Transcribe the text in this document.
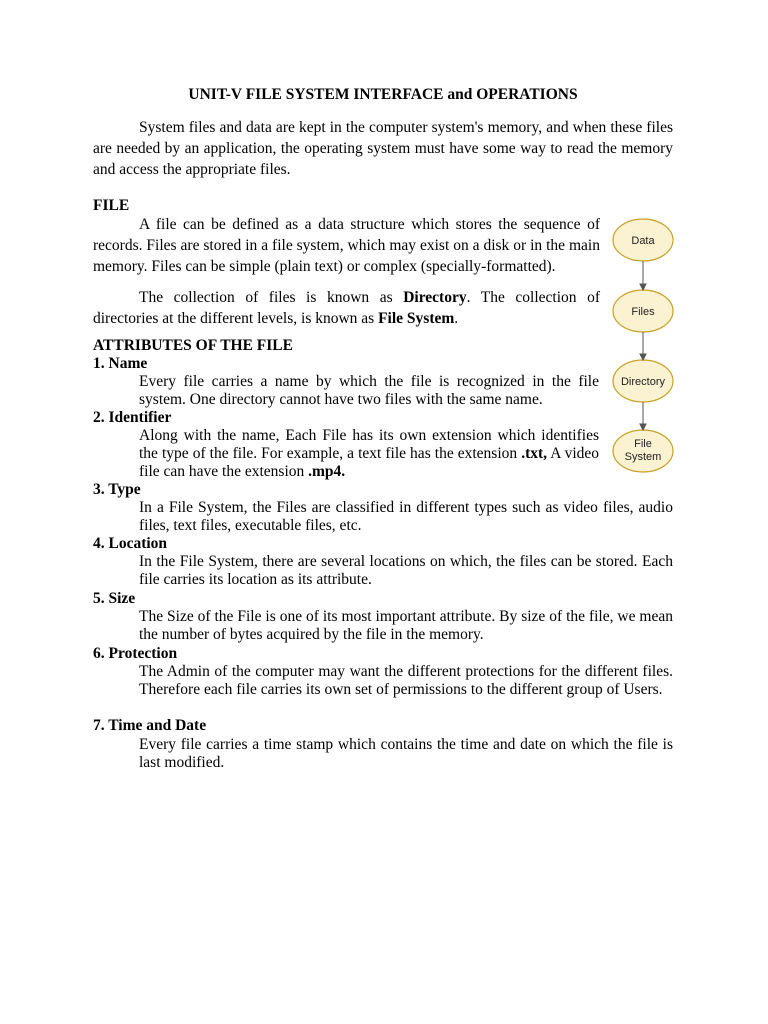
UNIT-V FILE SYSTEM INTERFACE and OPERATIONS

System files and data are kept in the computer system's memory, and when these files are needed by an application, the operating system must have some way to read the memory and access the appropriate files.

FILE

A file can be defined as a data structure which stores the sequence of records. Files are stored in a file system, which may exist on a disk or in the main memory. Files can be simple (plain text) or complex (specially-formatted).

The collection of files is known as Directory. The collection of directories at the different levels, is known as File System.

Data
Files
Directory
File
System
ATTRIBUTES OF THE FILE
1. Name

Every file carries a name by which the file is recognized in the file system. One directory cannot have two files with the same name.

2. Identifier

Along with the name, Each File has its own extension which identifies the type of the file. For example, a text file has the extension .txt, A video file can have the extension .mp4.

3. Type

In a File System, the Files are classified in different types such as video files, audio files, text files, executable files, etc.

4. Location

In the File System, there are several locations on which, the files can be stored. Each file carries its location as its attribute.

5. Size

The Size of the File is one of its most important attribute. By size of the file, we mean the number of bytes acquired by the file in the memory.

6. Protection

The Admin of the computer may want the different protections for the different files. Therefore each file carries its own set of permissions to the different group of Users.

7. Time and Date

Every file carries a time stamp which contains the time and date on which the file is last modified.
